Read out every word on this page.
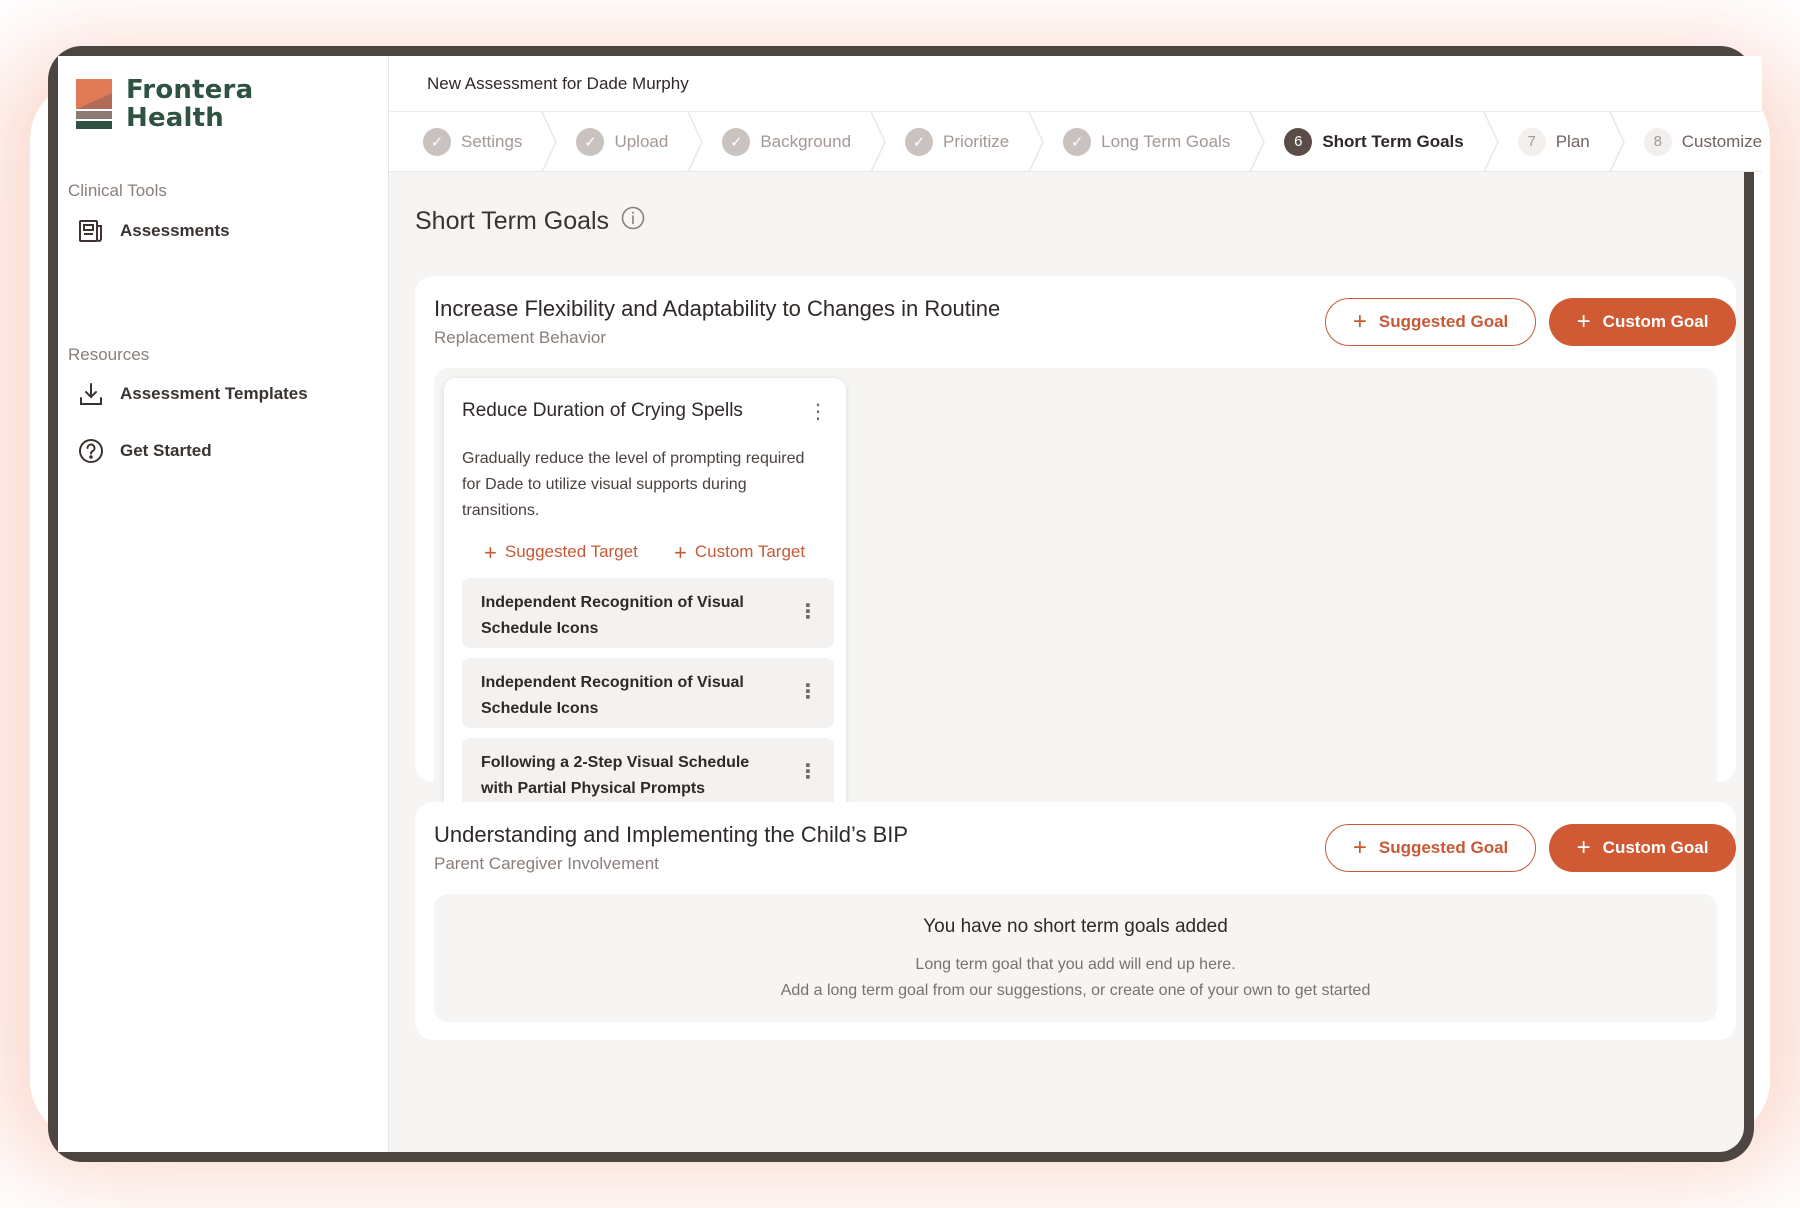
Frontera
Health
Clinical Tools
Assessments
Resources
Assessment Templates
Get Started
New Assessment for Dade Murphy
✓	Settings	✓	Upload	✓	Background	✓	Prioritize	✓	Long Term Goals	6	Short Term Goals	7	Plan	8	Customize
Short Term Goals
Increase Flexibility and Adaptability to Changes in Routine
Replacement Behavior
+ Suggested Goal	+ Custom Goal
Reduce Duration of Crying Spells	⋮
Gradually reduce the level of prompting required for Dade to utilize visual supports during transitions.
+ Suggested Target + Custom Target
Independent Recognition of Visual Schedule Icons
⋮
Independent Recognition of Visual Schedule Icons
⋮
Following a 2-Step Visual Schedule with Partial Physical Prompts
⋮
Understanding and Implementing the Child’s BIP
Parent Caregiver Involvement
+ Suggested Goal	+ Custom Goal
You have no short term goals added
Long term goal that you add will end up here.
Add a long term goal from our suggestions, or create one of your own to get started
